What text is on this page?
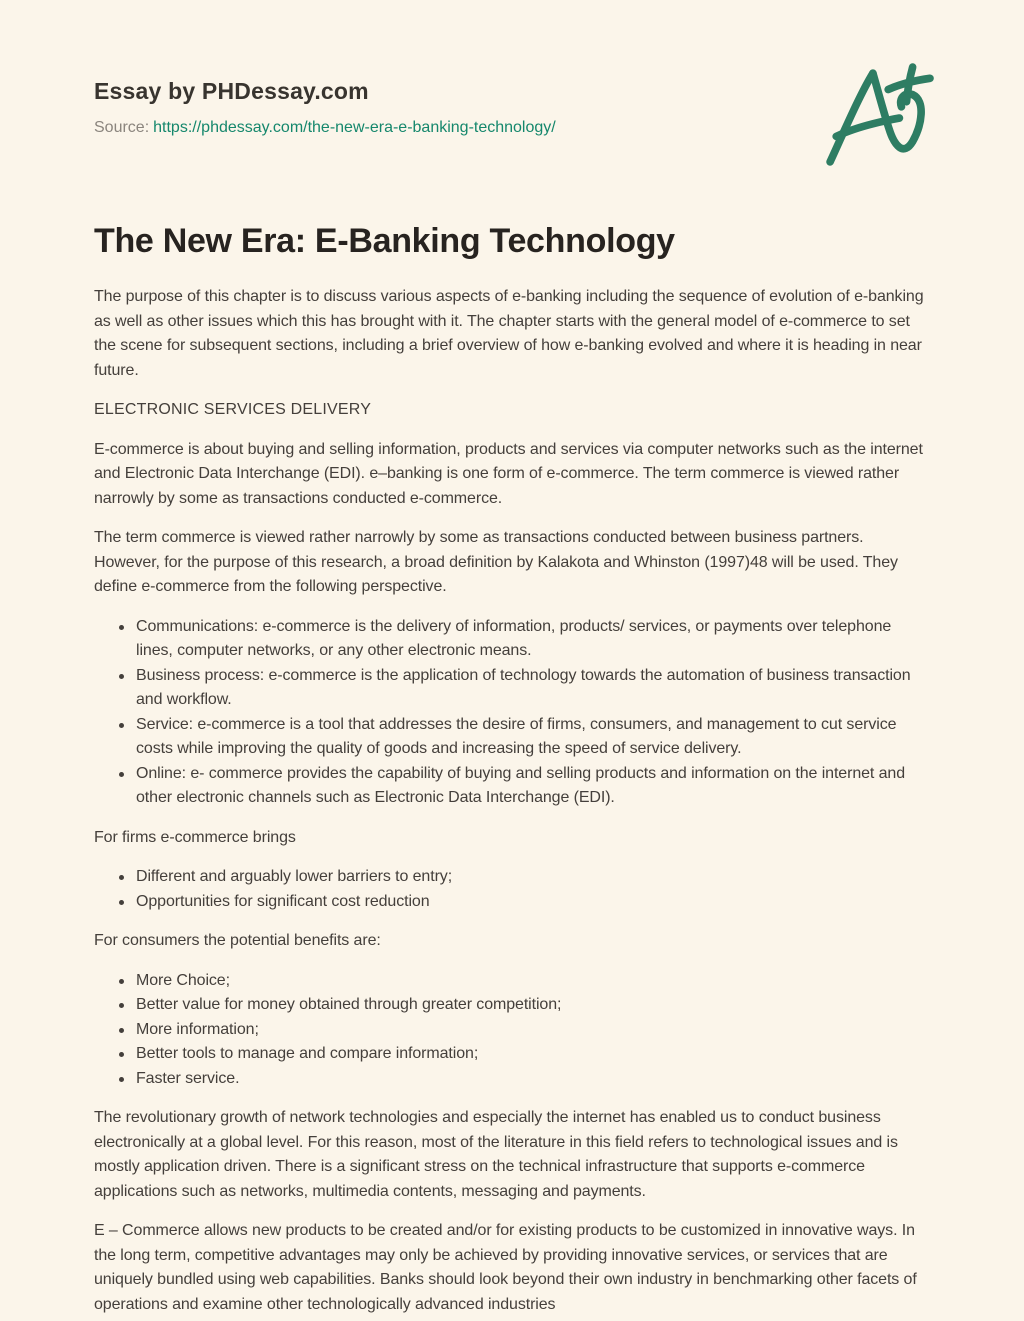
Essay by PHDessay.com
Source: https://phdessay.com/the-new-era-e-banking-technology/
The New Era: E-Banking Technology

The purpose of this chapter is to discuss various aspects of e-banking including the sequence of evolution of e-banking as well as other issues which this has brought with it. The chapter starts with the general model of e-commerce to set the scene for subsequent sections, including a brief overview of how e-banking evolved and where it is heading in near future.

ELECTRONIC SERVICES DELIVERY

E-commerce is about buying and selling information, products and services via computer networks such as the internet and Electronic Data Interchange (EDI). e–banking is one form of e-commerce. The term commerce is viewed rather narrowly by some as transactions conducted e-commerce.

The term commerce is viewed rather narrowly by some as transactions conducted between business partners. However, for the purpose of this research, a broad definition by Kalakota and Whinston (1997)48 will be used. They define e-commerce from the following perspective.

Communications: e-commerce is the delivery of information, products/ services, or payments over telephone lines, computer networks, or any other electronic means.
Business process: e-commerce is the application of technology towards the automation of business transaction and workflow.
Service: e-commerce is a tool that addresses the desire of firms, consumers, and management to cut service costs while improving the quality of goods and increasing the speed of service delivery.
Online: e- commerce provides the capability of buying and selling products and information on the internet and other electronic channels such as Electronic Data Interchange (EDI).

For firms e-commerce brings

Different and arguably lower barriers to entry;
Opportunities for significant cost reduction

For consumers the potential benefits are:

More Choice;
Better value for money obtained through greater competition;
More information;
Better tools to manage and compare information;
Faster service.

The revolutionary growth of network technologies and especially the internet has enabled us to conduct business electronically at a global level. For this reason, most of the literature in this field refers to technological issues and is mostly application driven. There is a significant stress on the technical infrastructure that supports e-commerce applications such as networks, multimedia contents, messaging and payments.

E – Commerce allows new products to be created and/or for existing products to be customized in innovative ways. In the long term, competitive advantages may only be achieved by providing innovative services, or services that are uniquely bundled using web capabilities. Banks should look beyond their own industry in benchmarking other facets of operations and examine other technologically advanced industries
